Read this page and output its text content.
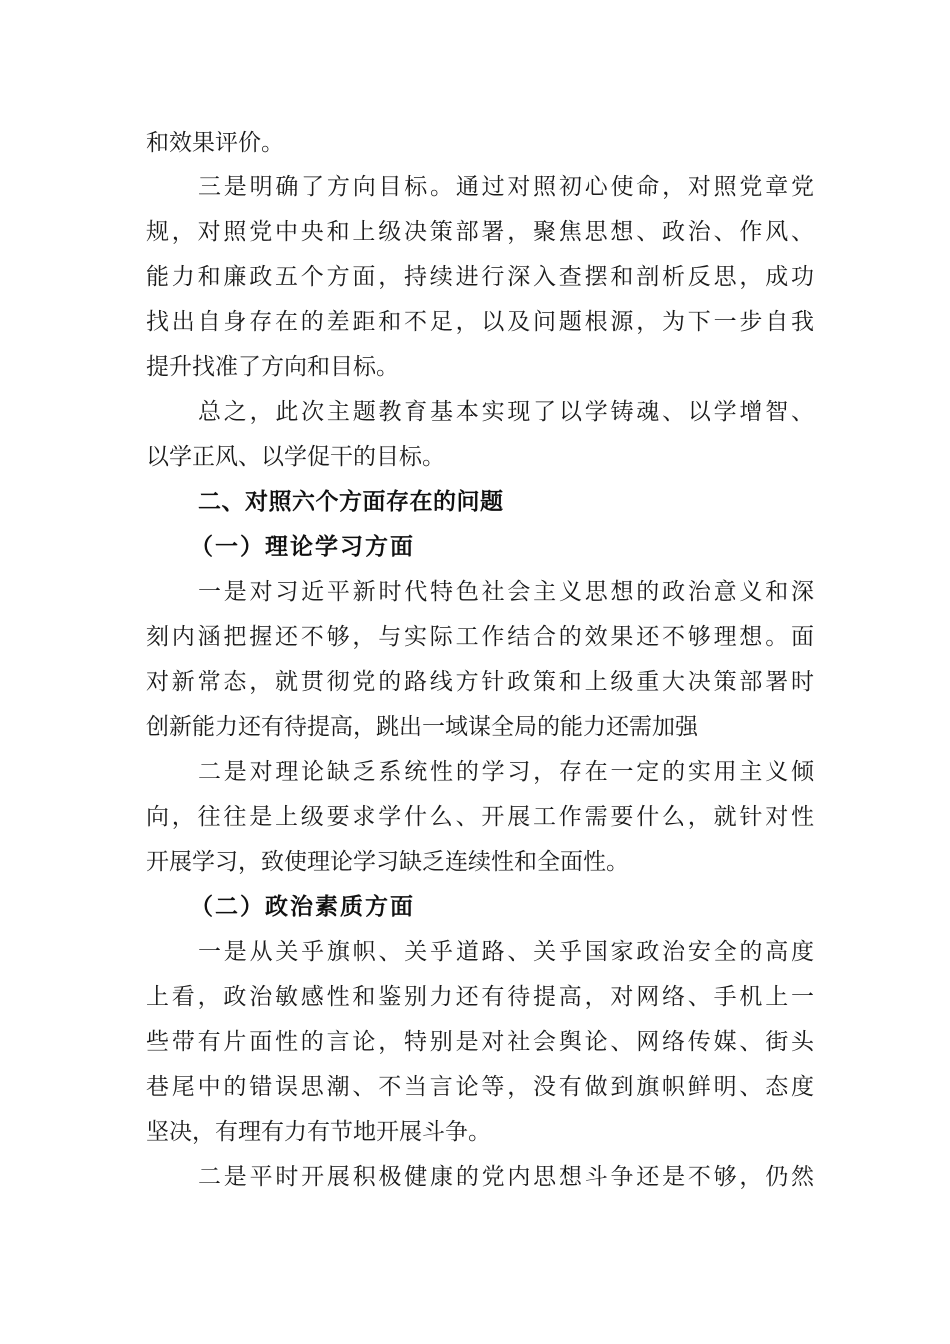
和效果评价。
三是明确了方向目标。通过对照初心使命，对照党章党
规，对照党中央和上级决策部署，聚焦思想、政治、作风、
能力和廉政五个方面，持续进行深入查摆和剖析反思，成功
找出自身存在的差距和不足，以及问题根源，为下一步自我
提升找准了方向和目标。
总之，此次主题教育基本实现了以学铸魂、以学增智、
以学正风、以学促干的目标。
二、对照六个方面存在的问题
（一）理论学习方面
一是对习近平新时代特色社会主义思想的政治意义和深
刻内涵把握还不够，与实际工作结合的效果还不够理想。面
对新常态，就贯彻党的路线方针政策和上级重大决策部署时
创新能力还有待提高，跳出一域谋全局的能力还需加强
二是对理论缺乏系统性的学习，存在一定的实用主义倾
向，往往是上级要求学什么、开展工作需要什么，就针对性
开展学习，致使理论学习缺乏连续性和全面性。
（二）政治素质方面
一是从关乎旗帜、关乎道路、关乎国家政治安全的高度
上看，政治敏感性和鉴别力还有待提高，对网络、手机上一
些带有片面性的言论，特别是对社会舆论、网络传媒、街头
巷尾中的错误思潮、不当言论等，没有做到旗帜鲜明、态度
坚决，有理有力有节地开展斗争。
二是平时开展积极健康的党内思想斗争还是不够，仍然
